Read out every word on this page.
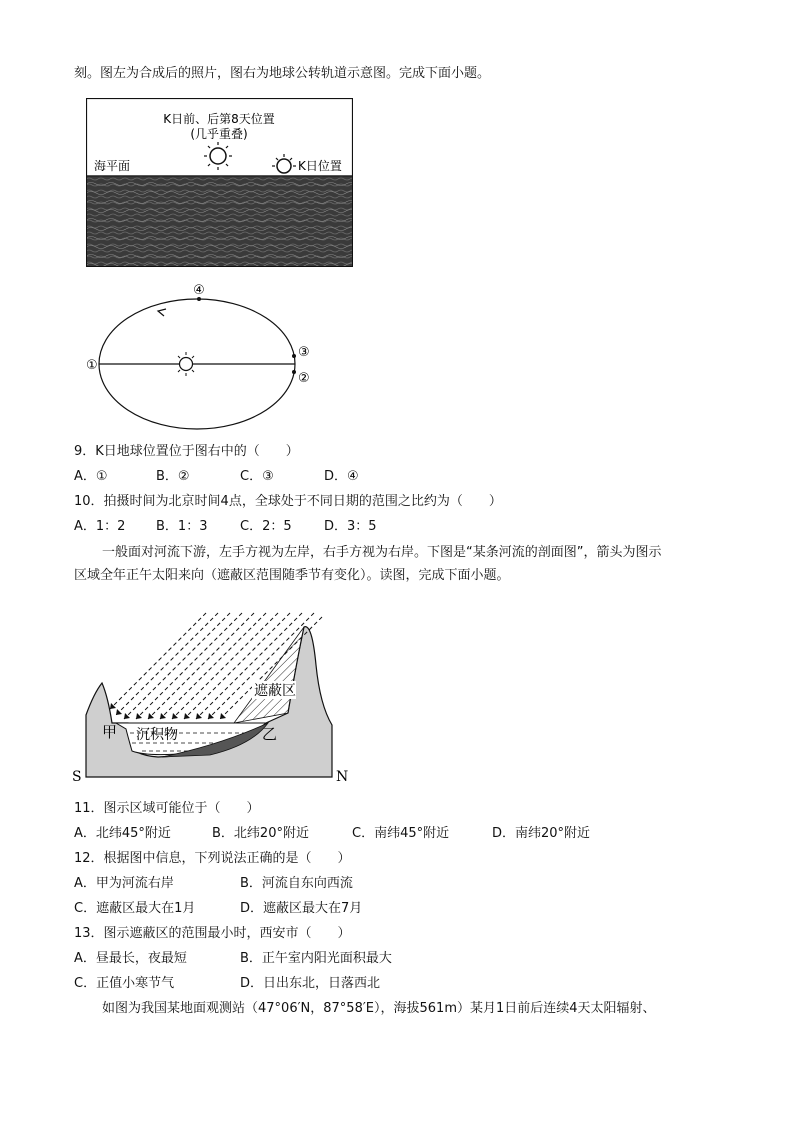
刻。图左为合成后的照片，图右为地球公转轨道示意图。完成下面小题。
K日前、后第8天位置
(几乎重叠)
海平面	K日位置
④
①
③
②
9．K日地球位置位于图右中的（　　）
A．①	B．②	C．③	D．④
10．拍摄时间为北京时间4点，全球处于不同日期的范围之比约为（　　）
A．1：2 B．1：3	C．2：5 D．3：5
一般面对河流下游，左手方视为左岸，右手方视为右岸。下图是“某条河流的剖面图”，箭头为图示
区域全年正午太阳来向（遮蔽区范围随季节有变化）。读图，完成下面小题。
遮蔽区
甲	乙
沉积物
S	N
11．图示区域可能位于（　　）
A．北纬45°附近	B．北纬20°附近	C．南纬45°附近	D．南纬20°附近
12．根据图中信息，下列说法正确的是（　　）
A．甲为河流右岸	B．河流自东向西流
C．遮蔽区最大在1月	D．遮蔽区最大在7月
13．图示遮蔽区的范围最小时，西安市（　　）
A．昼最长，夜最短	B．正午室内阳光面积最大
C．正值小寒节气	D．日出东北，日落西北
如图为我国某地面观测站（47°06′N，87°58′E），海拔561m）某月1日前后连续4天太阳辐射、
